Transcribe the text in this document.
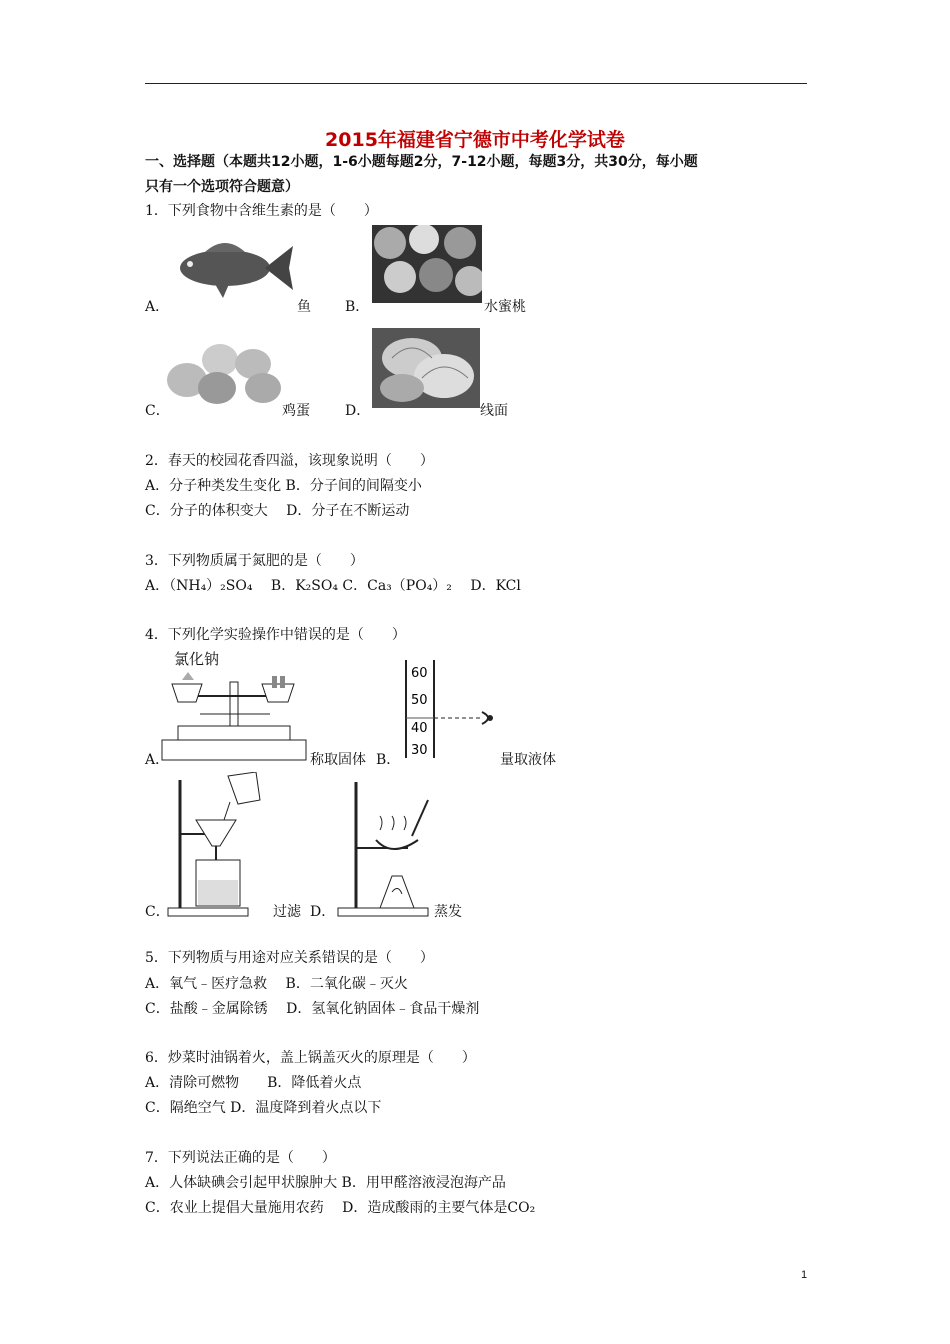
2015年福建省宁德市中考化学试卷
一、选择题（本题共12小题，1-6小题每题2分，7-12小题，每题3分，共30分，每小题
只有一个选项符合题意）
1．下列食物中含维生素的是（　　）
A．	鱼 B．	水蜜桃
C．	鸡蛋	D．	线面
2．春天的校园花香四溢，该现象说明（　　）
A．分子种类发生变化 B．分子间的间隔变小
C．分子的体积变大　 D．分子在不断运动
3．下列物质属于氮肥的是（　　）
A．（NH₄）₂SO₄　 B．K₂SO₄ C．Ca₃（PO₄）₂　 D．KCl
4．下列化学实验操作中错误的是（　　）
氯化钠
A．	称取固体 B．
60
50
40
30
量取液体
C．	过滤 D．	蒸发
5．下列物质与用途对应关系错误的是（　　）
A．氧气﹣医疗急救　 B．二氧化碳﹣灭火
C．盐酸﹣金属除锈　 D．氢氧化钠固体﹣食品干燥剂
6．炒菜时油锅着火，盖上锅盖灭火的原理是（　　）
A．清除可燃物　　B．降低着火点
C．隔绝空气 D．温度降到着火点以下
7．下列说法正确的是（　　）
A．人体缺碘会引起甲状腺肿大 B．用甲醛溶液浸泡海产品
C．农业上提倡大量施用农药　 D．造成酸雨的主要气体是CO₂
1
